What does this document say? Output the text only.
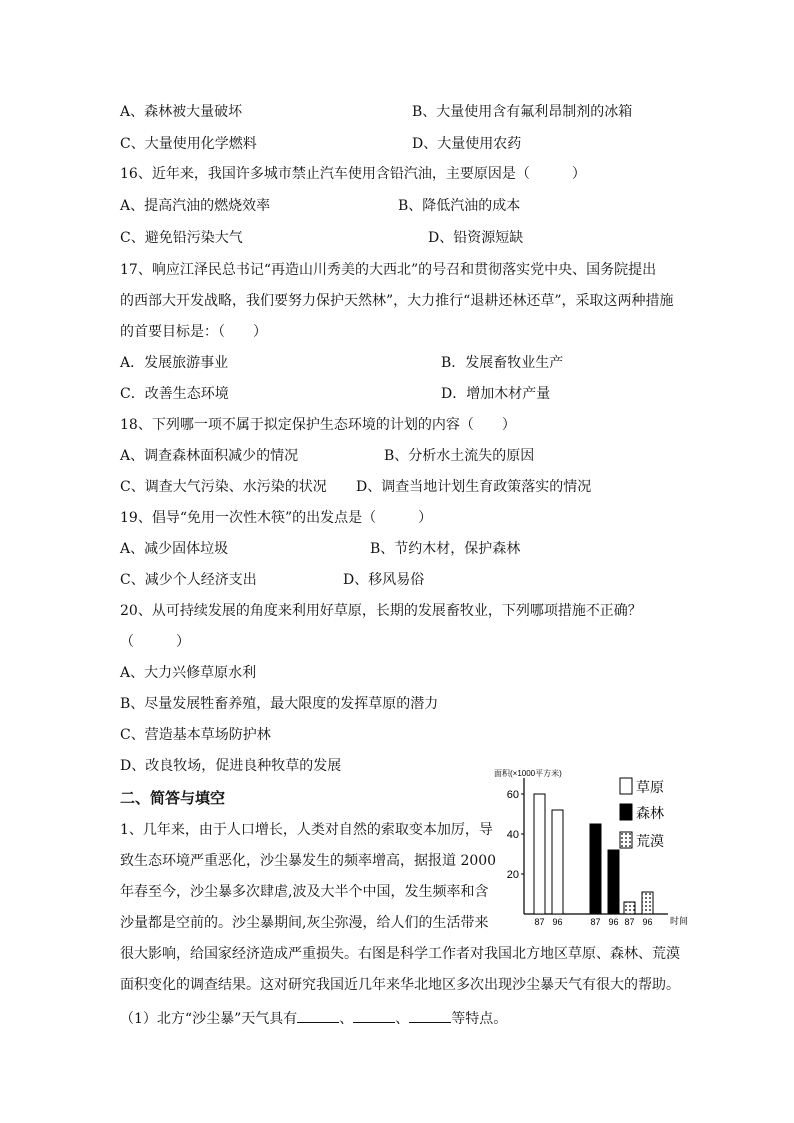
A、森林被大量破坏	B、大量使用含有氟利昂制剂的冰箱
C、大量使用化学燃料	D、大量使用农药
16、近年来，我国许多城市禁止汽车使用含铅汽油，主要原因是（　　　）
A、提高汽油的燃烧效率	B、降低汽油的成本
C、避免铅污染大气	D、铅资源短缺
17、响应江泽民总书记“再造山川秀美的大西北”的号召和贯彻落实党中央、国务院提出
的西部大开发战略，我们要努力保护天然林”，大力推行“退耕还林还草”，采取这两种措施
的首要目标是：（　　）
A．发展旅游事业	B．发展畜牧业生产
C．改善生态环境	D．增加木材产量
18、下列哪一项不属于拟定保护生态环境的计划的内容（　　）
A、调查森林面积减少的情况	B、分析水土流失的原因
C、调查大气污染、水污染的状况 D、调查当地计划生育政策落实的情况
19、倡导“免用一次性木筷”的出发点是（　　　）
A、减少固体垃圾	B、节约木材，保护森林
C、减少个人经济支出	D、移风易俗
20、从可持续发展的角度来利用好草原，长期的发展畜牧业，下列哪项措施不正确？
（　　　）
A、大力兴修草原水利
B、尽量发展牲畜养殖，最大限度的发挥草原的潜力
C、营造基本草场防护林
D、改良牧场，促进良种牧草的发展
二、简答与填空
1、几年来，由于人口增长，人类对自然的索取变本加厉，导
致生态环境严重恶化，沙尘暴发生的频率增高，据报道 2000
年春至今，沙尘暴多次肆虐,波及大半个中国，发生频率和含
沙量都是空前的。沙尘暴期间,灰尘弥漫，给人们的生活带来
很大影响，给国家经济造成严重损失。右图是科学工作者对我国北方地区草原、森林、荒漠
面积变化的调查结果。这对研究我国近几年来华北地区多次出现沙尘暴天气有很大的帮助。
（1）北方“沙尘暴”天气具有	、	、	等特点。
面积(×1000平方米)
20
40
60
87 96	87 96 87 96 时间
草原
森林
荒漠
